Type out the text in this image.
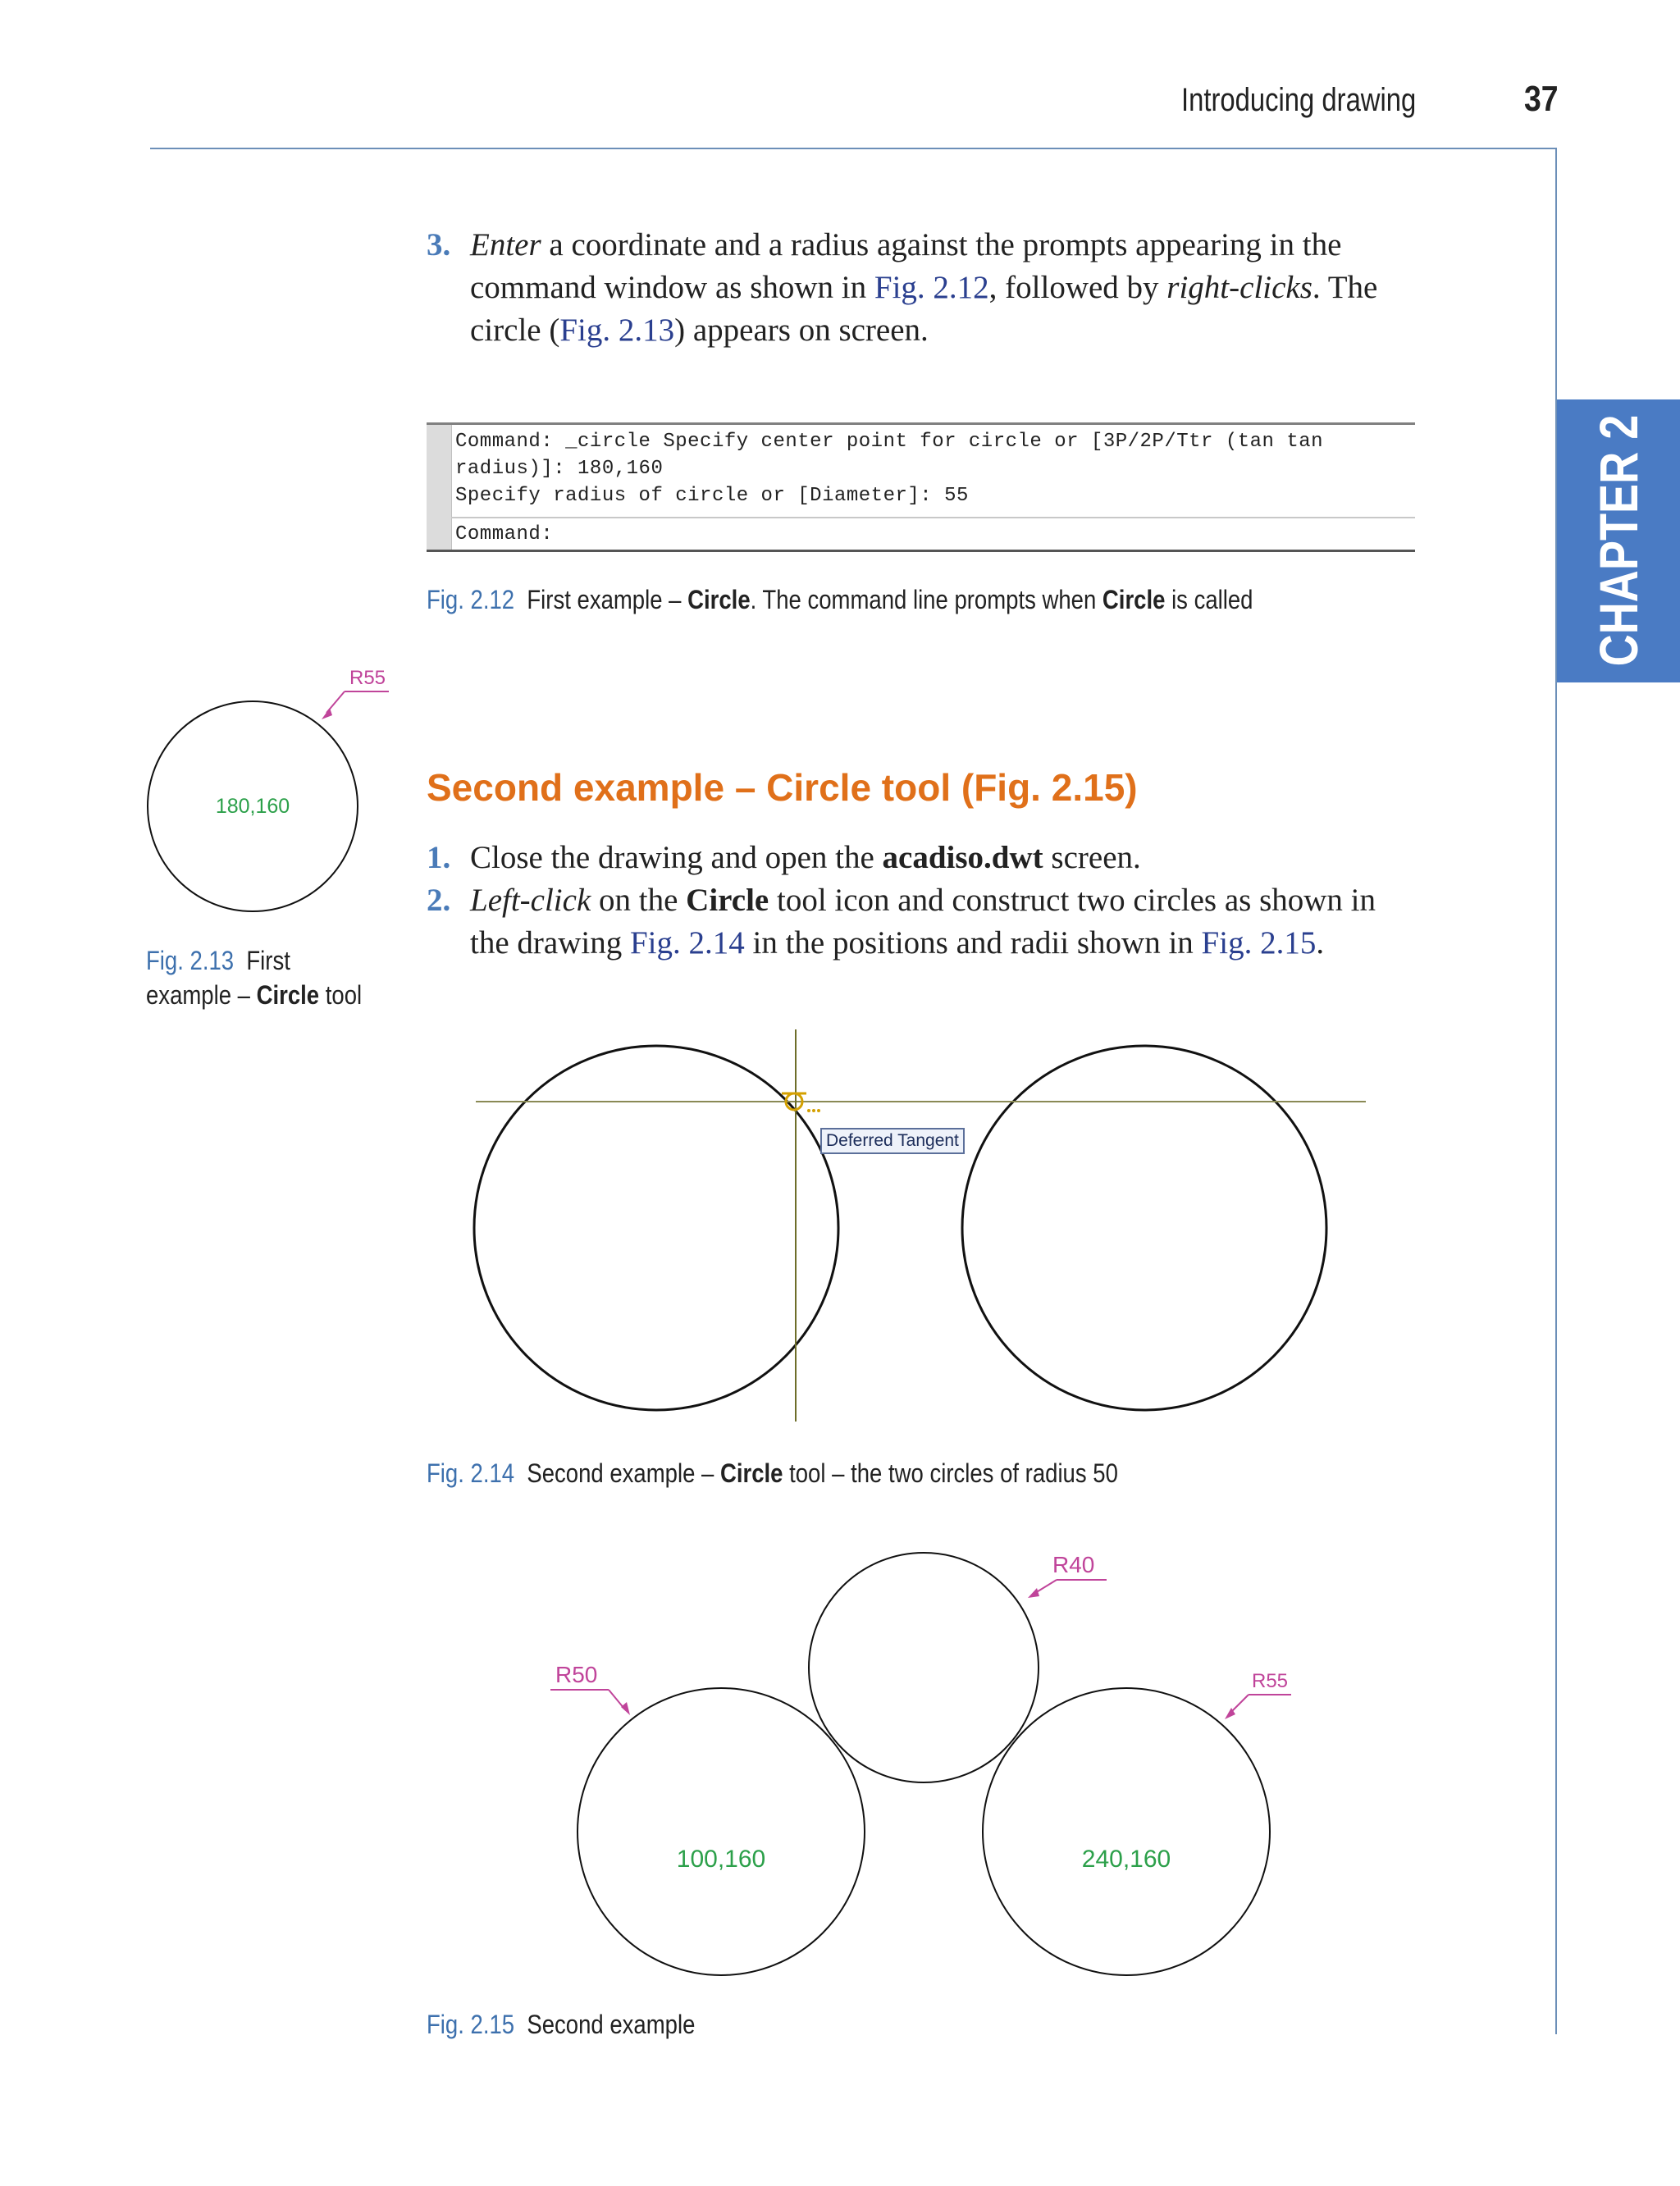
Introducing drawing	37
CHAPTER 2
3. Enter a coordinate and a radius against the prompts appearing in the command window as shown in Fig. 2.12, followed by right-clicks. The circle (Fig. 2.13) appears on screen.
Command: _circle Specify center point for circle or [3P/2P/Ttr (tan tan
radius)]: 180,160
Specify radius of circle or [Diameter]: 55
Command:
Fig. 2.12 First example – Circle. The command line prompts when Circle is called
R55
180,160
Fig. 2.13 First
example – Circle tool
Second example – Circle tool (Fig. 2.15)
1. Close the drawing and open the acadiso.dwt screen.
2. Left-click on the Circle tool icon and construct two circles as shown in the drawing Fig. 2.14 in the positions and radii shown in Fig. 2.15.
Deferred Tangent
Fig. 2.14 Second example – Circle tool – the two circles of radius 50
R40
R50	R55
100,160	240,160
Fig. 2.15 Second example
